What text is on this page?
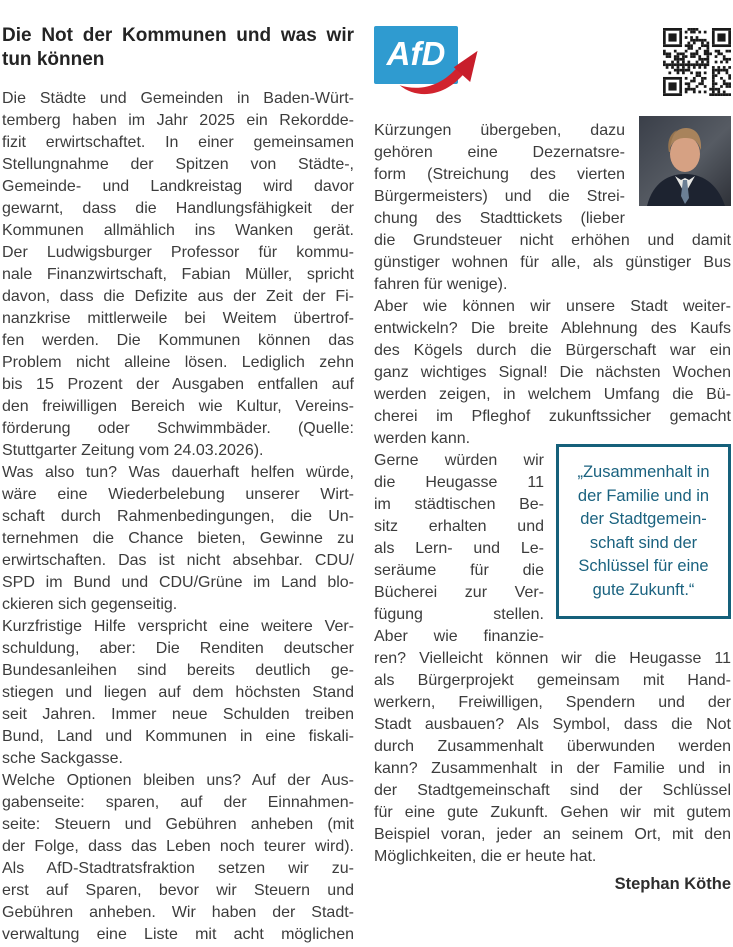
Die Not der Kommunen und was wir
tun können
Die Städte und Gemeinden in Baden-Würt-
temberg haben im Jahr 2025 ein Rekordde-
fizit erwirtschaftet. In einer gemeinsamen
Stellungnahme der Spitzen von Städte-,
Gemeinde- und Landkreistag wird davor
gewarnt, dass die Handlungsfähigkeit der
Kommunen allmählich ins Wanken gerät.
Der Ludwigsburger Professor für kommu-
nale Finanzwirtschaft, Fabian Müller, spricht
davon, dass die Defizite aus der Zeit der Fi-
nanzkrise mittlerweile bei Weitem übertrof-
fen werden. Die Kommunen können das
Problem nicht alleine lösen. Lediglich zehn
bis 15 Prozent der Ausgaben entfallen auf
den freiwilligen Bereich wie Kultur, Vereins-
förderung oder Schwimmbäder. (Quelle:
Stuttgarter Zeitung vom 24.03.2026).
Was also tun? Was dauerhaft helfen würde,
wäre eine Wiederbelebung unserer Wirt-
schaft durch Rahmenbedingungen, die Un-
ternehmen die Chance bieten, Gewinne zu
erwirtschaften. Das ist nicht absehbar. CDU/
SPD im Bund und CDU/Grüne im Land blo-
ckieren sich gegenseitig.
Kurzfristige Hilfe verspricht eine weitere Ver-
schuldung, aber: Die Renditen deutscher
Bundesanleihen sind bereits deutlich ge-
stiegen und liegen auf dem höchsten Stand
seit Jahren. Immer neue Schulden treiben
Bund, Land und Kommunen in eine fiskali-
sche Sackgasse.
Welche Optionen bleiben uns? Auf der Aus-
gabenseite: sparen, auf der Einnahmen-
seite: Steuern und Gebühren anheben (mit
der Folge, dass das Leben noch teurer wird).
Als AfD-Stadtratsfraktion setzen wir zu-
erst auf Sparen, bevor wir Steuern und
Gebühren anheben. Wir haben der Stadt-
verwaltung eine Liste mit acht möglichen
AfD
Kürzungen übergeben, dazu
gehören eine Dezernatsre-
form (Streichung des vierten
Bürgermeisters) und die Strei-
chung des Stadttickets (lieber
die Grundsteuer nicht erhöhen und damit
günstiger wohnen für alle, als günstiger Bus
fahren für wenige).
Aber wie können wir unsere Stadt weiter-
entwickeln? Die breite Ablehnung des Kaufs
des Kögels durch die Bürgerschaft war ein
ganz wichtiges Signal! Die nächsten Wochen
werden zeigen, in welchem Umfang die Bü-
cherei im Pfleghof zukunftssicher gemacht
werden kann.
„Zusammenhalt in
der Familie und in
der Stadtgemein-
schaft sind der
Schlüssel für eine
gute Zukunft.“
Gerne würden wir
die Heugasse 11
im städtischen Be-
sitz erhalten und
als Lern- und Le-
seräume für die
Bücherei zur Ver-
fügung stellen.
Aber wie finanzie-
ren? Vielleicht können wir die Heugasse 11
als Bürgerprojekt gemeinsam mit Hand-
werkern, Freiwilligen, Spendern und der
Stadt ausbauen? Als Symbol, dass die Not
durch Zusammenhalt überwunden werden
kann? Zusammenhalt in der Familie und in
der Stadtgemeinschaft sind der Schlüssel
für eine gute Zukunft. Gehen wir mit gutem
Beispiel voran, jeder an seinem Ort, mit den
Möglichkeiten, die er heute hat.
Stephan Köthe
